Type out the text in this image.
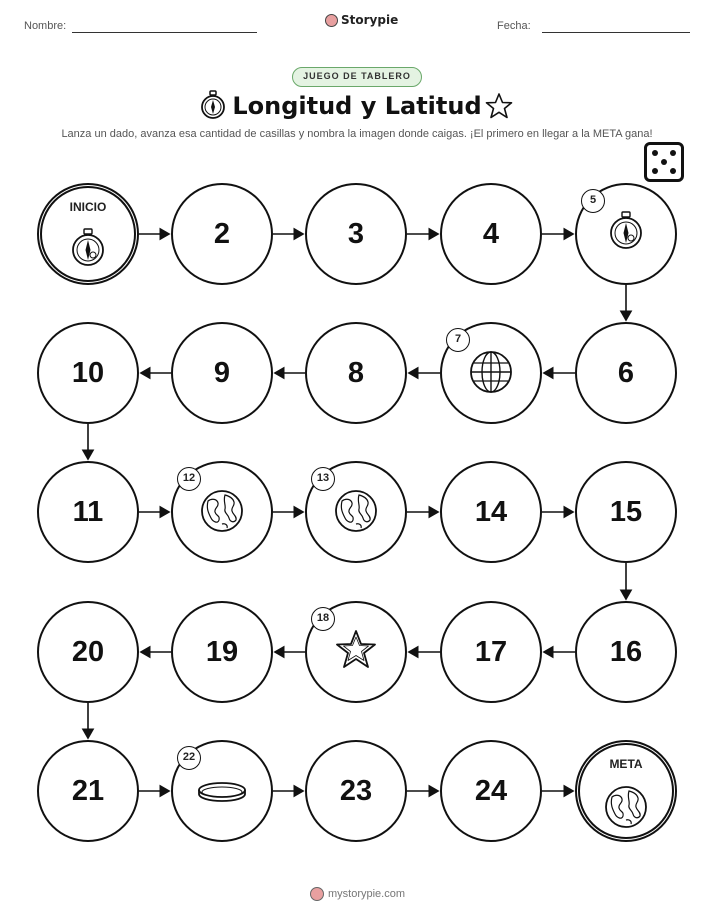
Nombre:	Storypie	Fecha:
JUEGO DE TABLERO
Longitud y Latitud
Lanza un dado, avanza esa cantidad de casillas y nombra la imagen donde caigas. ¡El primero en llegar a la META gana!
INICIO
2	3	4
5
6
7
8
9
10
11
12	13
14	15
16
17
18
19
20
21
22
23	24
META
mystorypie.com
